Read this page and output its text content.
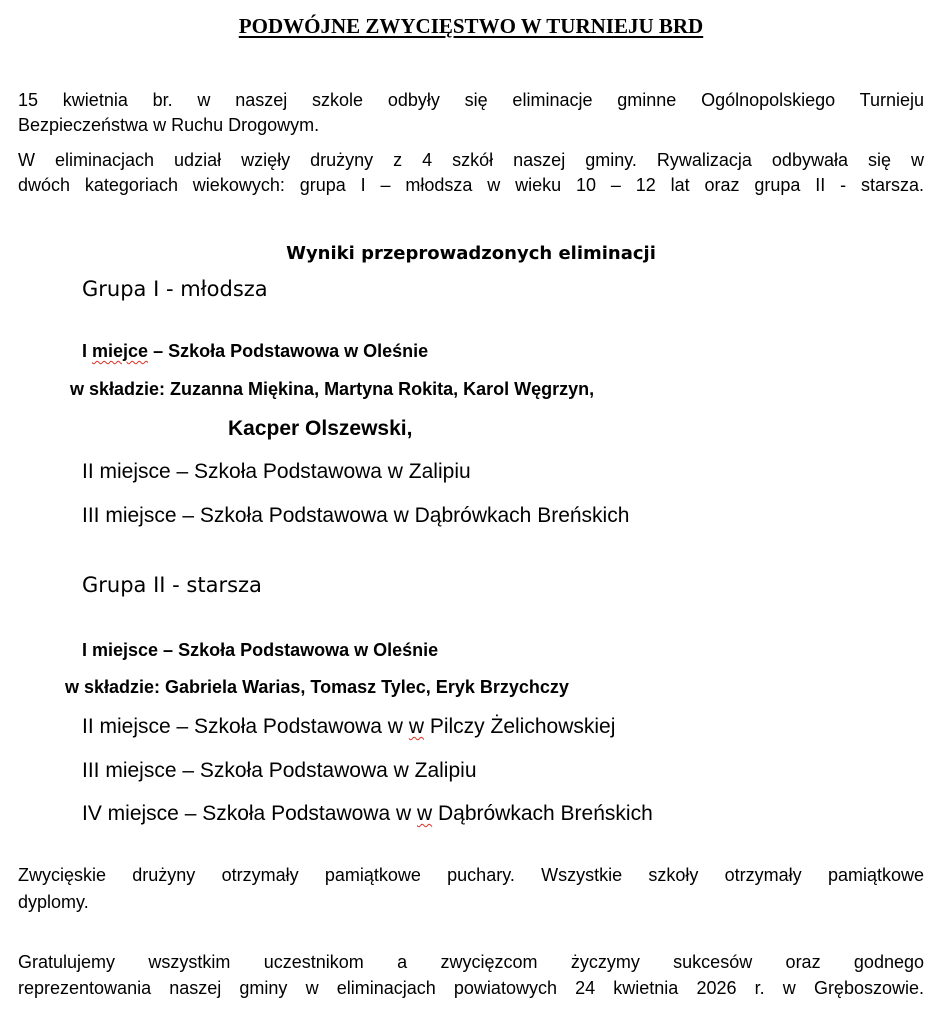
PODWÓJNE ZWYCIĘSTWO W TURNIEJU BRD
15 kwietnia br. w naszej szkole odbyły się eliminacje gminne Ogólnopolskiego Turnieju
Bezpieczeństwa w Ruchu Drogowym.
W eliminacjach udział wzięły drużyny z 4 szkół naszej gminy. Rywalizacja odbywała się w
dwóch kategoriach wiekowych: grupa I – młodsza w wieku 10 – 12 lat oraz grupa II - starsza.
Wyniki przeprowadzonych eliminacji
Grupa I - młodsza
I miejce – Szkoła Podstawowa w Oleśnie
w składzie: Zuzanna Miękina, Martyna Rokita, Karol Węgrzyn,
Kacper Olszewski,
II miejsce – Szkoła Podstawowa w Zalipiu
III miejsce – Szkoła Podstawowa w Dąbrówkach Breńskich
Grupa II - starsza
I miejsce – Szkoła Podstawowa w Oleśnie
w składzie: Gabriela Warias, Tomasz Tylec, Eryk Brzychczy
II miejsce – Szkoła Podstawowa w w Pilczy Żelichowskiej
III miejsce – Szkoła Podstawowa w Zalipiu
IV miejsce – Szkoła Podstawowa w w Dąbrówkach Breńskich
Zwycięskie drużyny otrzymały pamiątkowe puchary. Wszystkie szkoły otrzymały pamiątkowe
dyplomy.
Gratulujemy wszystkim uczestnikom a zwycięzcom życzymy sukcesów oraz godnego
reprezentowania naszej gminy w eliminacjach powiatowych 24 kwietnia 2026 r. w Gręboszowie.
